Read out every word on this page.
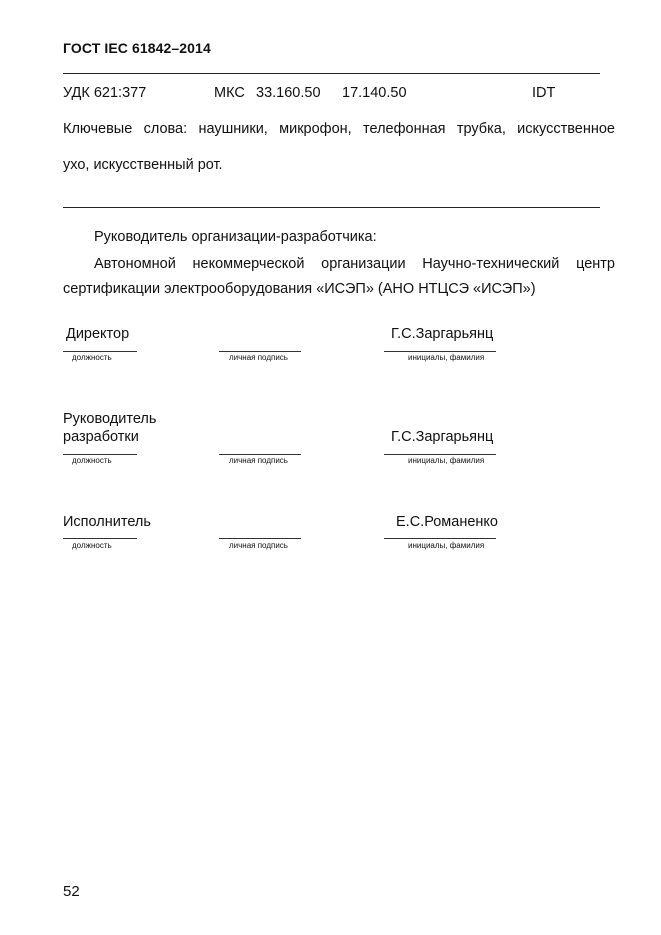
ГОСТ IEC 61842–2014
УДК 621:377	МКС 33.160.50 17.140.50	IDT
Ключевые слова: наушники, микрофон, телефонная трубка, искусственное
ухо, искусственный рот.
Руководитель организации-разработчика:
Автономной некоммерческой организации Научно-технический центр
сертификации электрооборудования «ИСЭП» (АНО НТЦСЭ «ИСЭП»)
Директор	Г.С.Заргарьянц
должность	личная подпись	инициалы, фамилия
Руководитель
разработки	Г.С.Заргарьянц
должность	личная подпись	инициалы, фамилия
Исполнитель	Е.С.Романенко
должность	личная подпись	инициалы, фамилия
52
